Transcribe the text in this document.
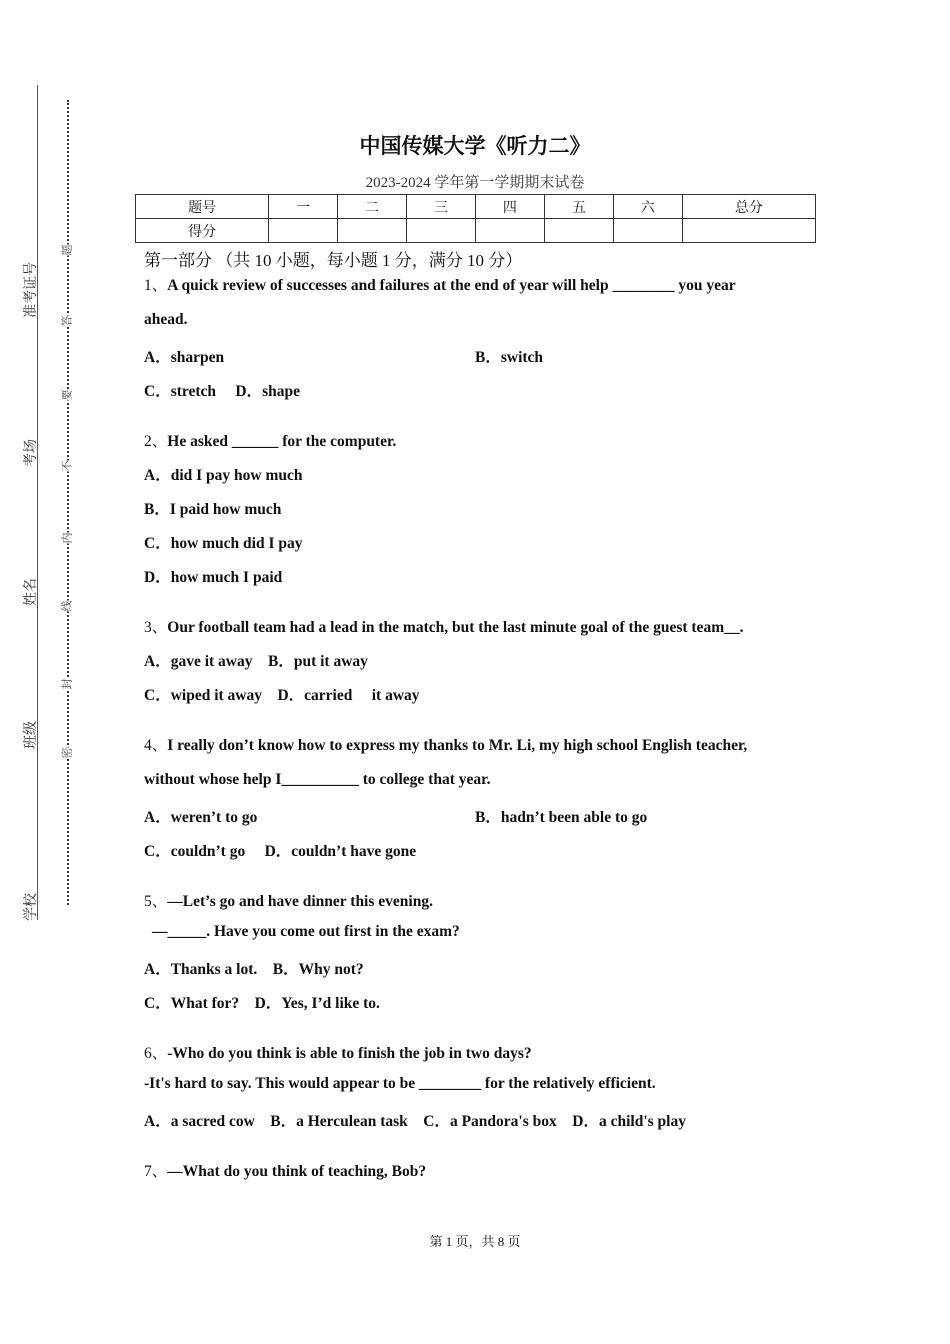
准考证号
考场
姓名
班级
学校
题
答
要
不
内
线
封
密
中国传媒大学《听力二》
2023-2024 学年第一学期期末试卷
题号	一	二	三	四	五	六	总分
得分							
第一部分 （共 10 小题，每小题 1 分，满分 10 分）
1、A quick review of successes and failures at the end of year will help ________ you year
ahead.
A．sharpen	B．switch
C．stretch　 D．shape
2、He asked ______ for the computer.
A．did I pay how much
B．I paid how much
C．how much did I pay
D．how much I paid
3、Our football team had a lead in the match, but the last minute goal of the guest team__.
A．gave it away　B．put it away
C．wiped it away　D．carried　 it away
4、I really don’t know how to express my thanks to Mr. Li, my high school English teacher,
without whose help I__________ to college that year.
A．weren’t to go	B．hadn’t been able to go
C．couldn’t go　 D．couldn’t have gone
5、—Let’s go and have dinner this evening.
—_____. Have you come out first in the exam?
A．Thanks a lot.　B．Why not?
C．What for?　D．Yes, I’d like to.
6、-Who do you think is able to finish the job in two days?
-It's hard to say. This would appear to be ________ for the relatively efficient.
A．a sacred cow　B．a Herculean task　C．a Pandora's box　D．a child's play
7、—What do you think of teaching, Bob?
第 1 页，共 8 页
